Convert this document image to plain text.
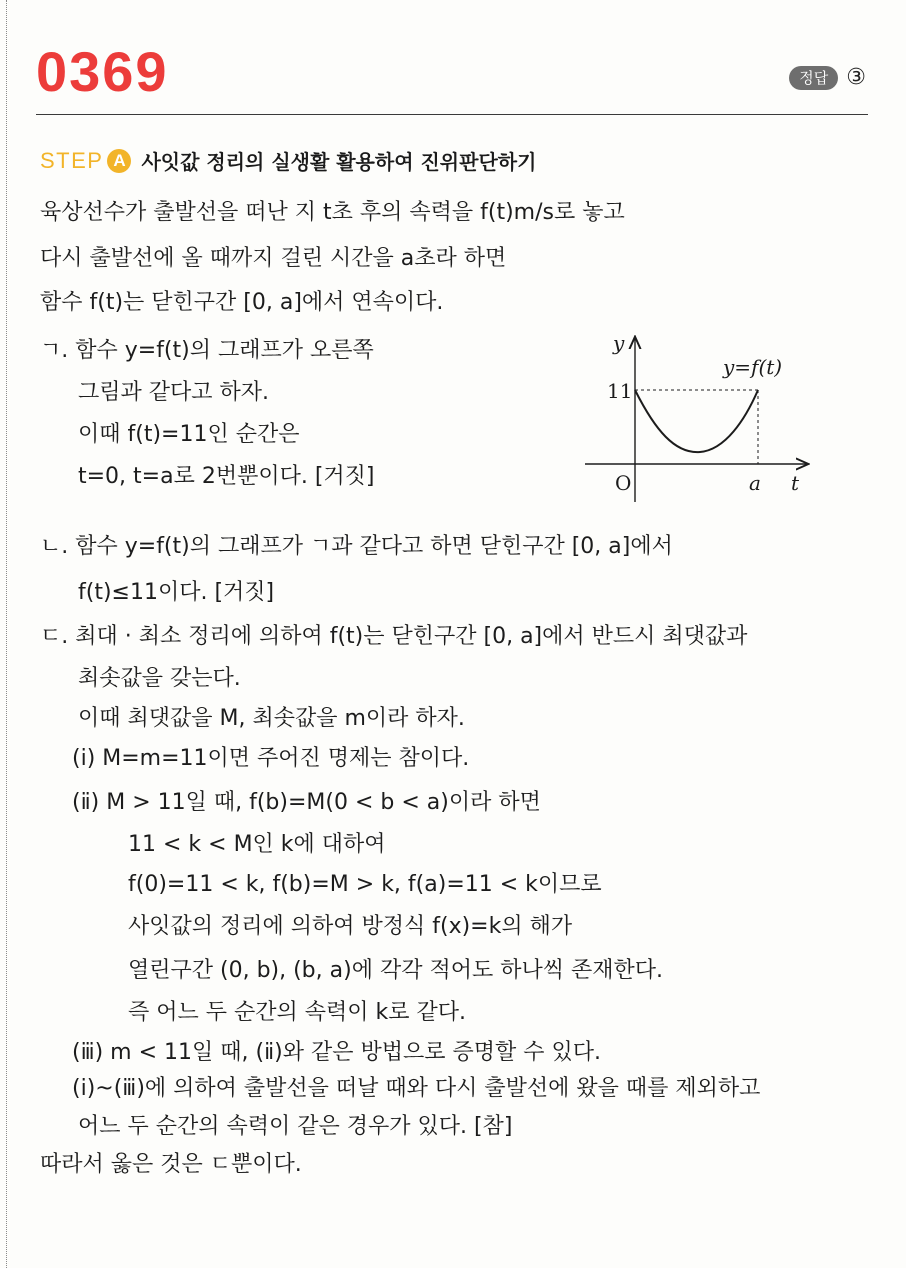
0369	정답 ③
STEP A 사잇값 정리의 실생활 활용하여 진위판단하기
육상선수가 출발선을 떠난 지 t초 후의 속력을 f(t)m/s로 놓고
다시 출발선에 올 때까지 걸린 시간을 a초라 하면
함수 f(t)는 닫힌구간 [0, a]에서 연속이다.
ㄱ. 함수 y=f(t)의 그래프가 오른쪽
그림과 같다고 하자.
이때 f(t)=11인 순간은
t=0, t=a로 2번뿐이다. [거짓]
y
t
O
11
a
y=f(t)
ㄴ. 함수 y=f(t)의 그래프가 ㄱ과 같다고 하면 닫힌구간 [0, a]에서
f(t)≤11이다. [거짓]
ㄷ. 최대 · 최소 정리에 의하여 f(t)는 닫힌구간 [0, a]에서 반드시 최댓값과
최솟값을 갖는다.
이때 최댓값을 M, 최솟값을 m이라 하자.
(ⅰ) M=m=11이면 주어진 명제는 참이다.
(ⅱ) M > 11일 때, f(b)=M(0 < b < a)이라 하면
11 < k < M인 k에 대하여
f(0)=11 < k, f(b)=M > k, f(a)=11 < k이므로
사잇값의 정리에 의하여 방정식 f(x)=k의 해가
열린구간 (0, b), (b, a)에 각각 적어도 하나씩 존재한다.
즉 어느 두 순간의 속력이 k로 같다.
(ⅲ) m < 11일 때, (ⅱ)와 같은 방법으로 증명할 수 있다.
(ⅰ)~(ⅲ)에 의하여 출발선을 떠날 때와 다시 출발선에 왔을 때를 제외하고
어느 두 순간의 속력이 같은 경우가 있다. [참]
따라서 옳은 것은 ㄷ뿐이다.
